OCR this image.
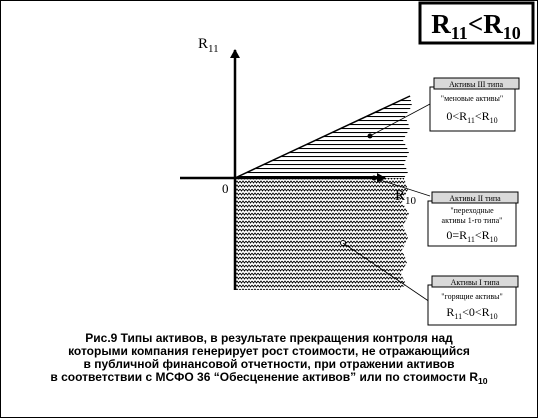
$R_{11}<R_{10}$
$R_{11}$
$R_{10}$
0
Активы III типа
"меновые активы"
$0<R_{11}<R_{10}$
Активы II типа
"переходные
активы 1-го типа"
$0=R_{11}<R_{10}$
Активы I типа
"горящие активы"
$R_{11}<0<R_{10}$
Рис.9 Типы активов, в результате прекращения контроля над
которыми компания генерирует рост стоимости, не отражающийся
в публичной финансовой отчетности, при отражении активов
в соответствии с МСФО 36 “Обесценение активов” или по стоимости $R_{10}$
